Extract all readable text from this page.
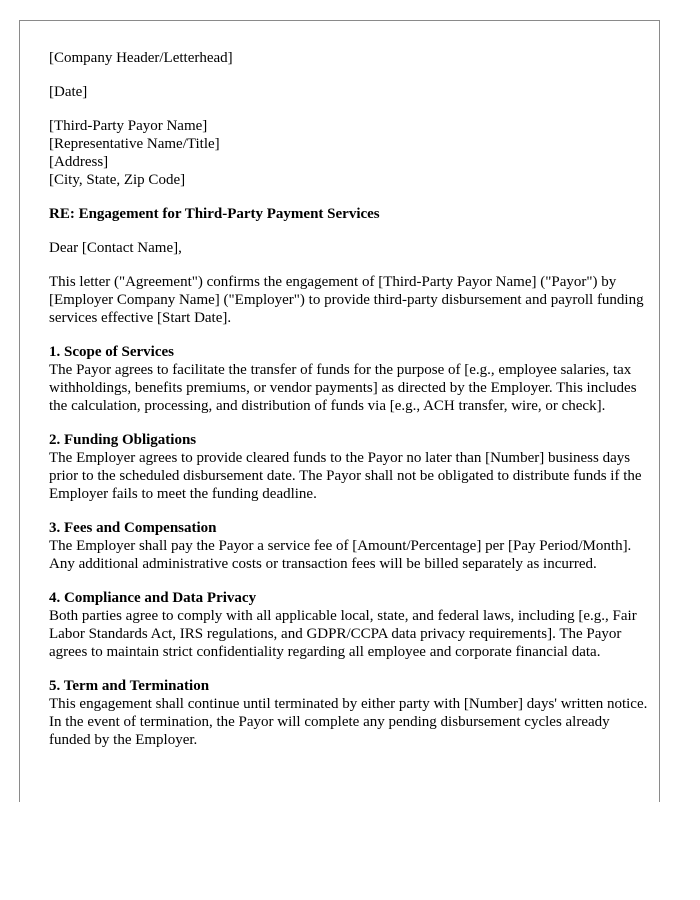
[Company Header/Letterhead]

[Date]

[Third-Party Payor Name]
[Representative Name/Title]
[Address]
[City, State, Zip Code]

RE: Engagement for Third-Party Payment Services

Dear [Contact Name],

This letter ("Agreement") confirms the engagement of [Third-Party Payor Name] ("Payor") by [Employer Company Name] ("Employer") to provide third-party disbursement and payroll funding services effective [Start Date].

1. Scope of Services
The Payor agrees to facilitate the transfer of funds for the purpose of [e.g., employee salaries, tax withholdings, benefits premiums, or vendor payments] as directed by the Employer. This includes the calculation, processing, and distribution of funds via [e.g., ACH transfer, wire, or check].
2. Funding Obligations
The Employer agrees to provide cleared funds to the Payor no later than [Number] business days prior to the scheduled disbursement date. The Payor shall not be obligated to distribute funds if the Employer fails to meet the funding deadline.
3. Fees and Compensation
The Employer shall pay the Payor a service fee of [Amount/Percentage] per [Pay Period/Month]. Any additional administrative costs or transaction fees will be billed separately as incurred.
4. Compliance and Data Privacy
Both parties agree to comply with all applicable local, state, and federal laws, including [e.g., Fair Labor Standards Act, IRS regulations, and GDPR/CCPA data privacy requirements]. The Payor agrees to maintain strict confidentiality regarding all employee and corporate financial data.
5. Term and Termination
This engagement shall continue until terminated by either party with [Number] days' written notice. In the event of termination, the Payor will complete any pending disbursement cycles already funded by the Employer.
